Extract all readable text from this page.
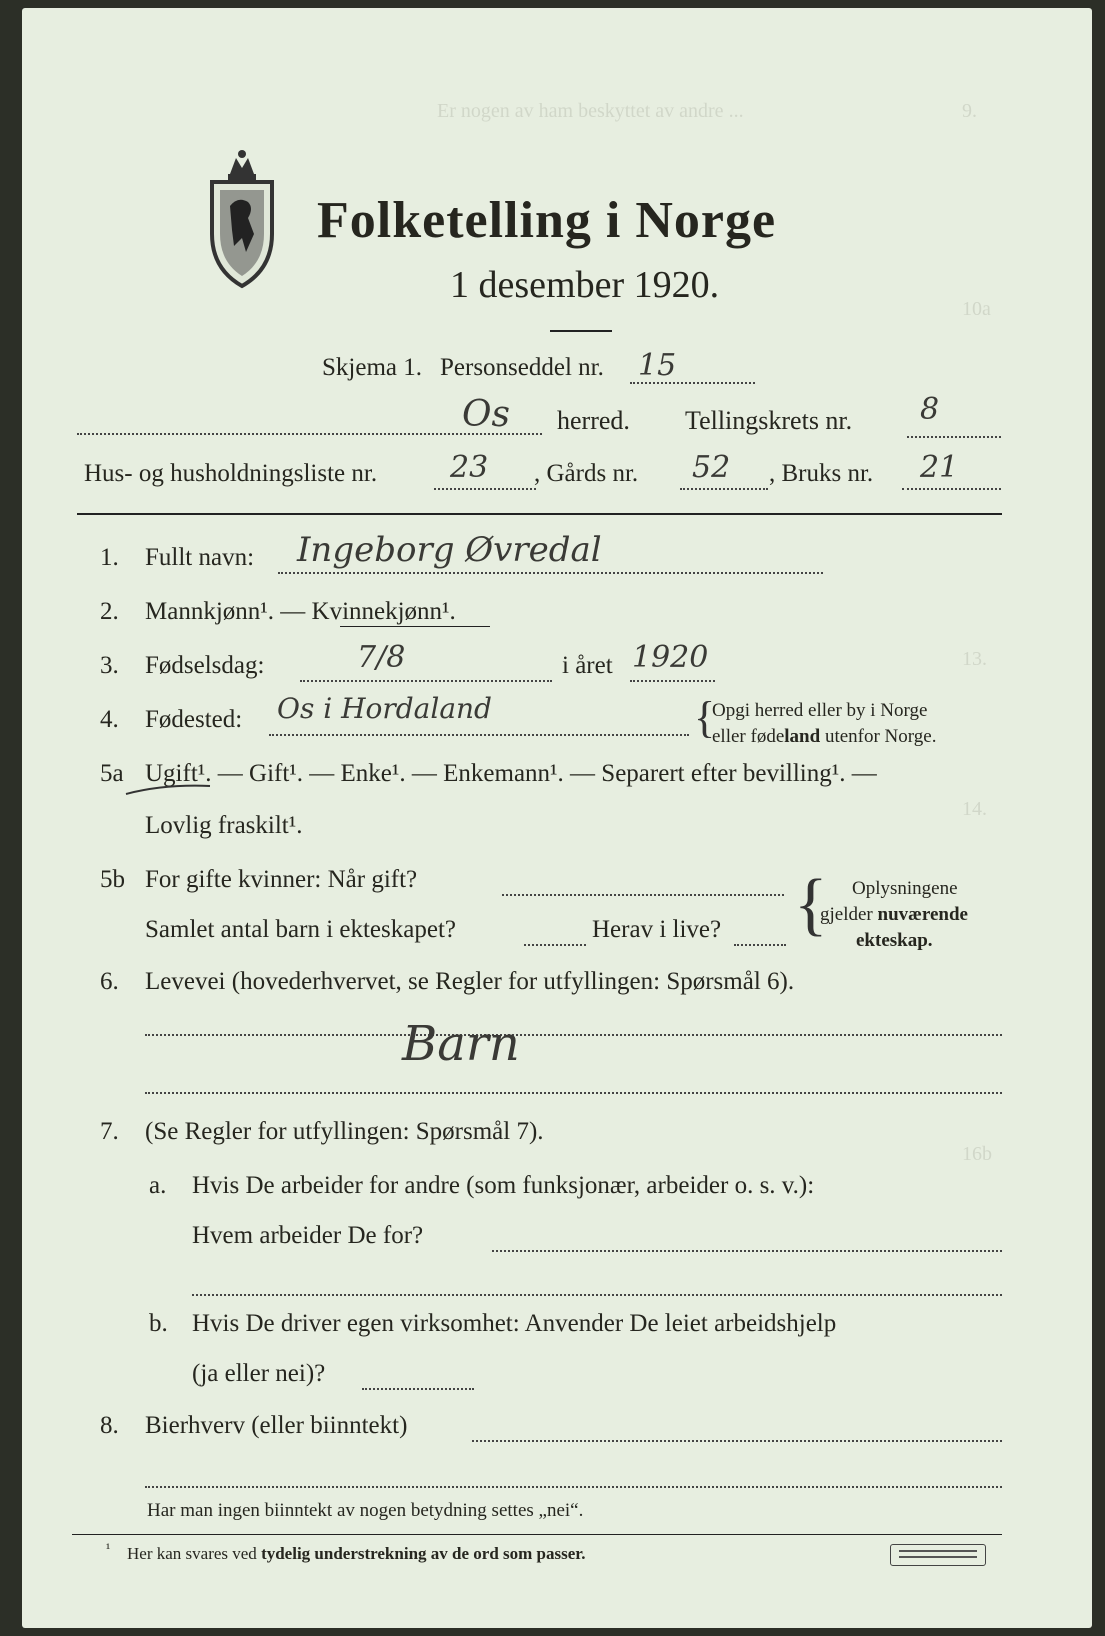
9.
Er nogen av ham beskyttet av andre ...
10a
13.
14.
16b
Folketelling i Norge
1 desember 1920.
Skjema 1. Personseddel nr. 15
Os herred. Tellingskrets nr. 8
Hus- og husholdningsliste nr. 23 , Gårds nr. 52 , Bruks nr. 21
1. Fullt navn: Ingeborg Øvredal
2. Mannkjønn¹. — Kvinnekjønn¹.
3. Fødselsdag:	7/8	i året 1920
4. Fødested: Os i Hordaland	{
Opgi herred eller by i Norge
eller fødeland utenfor Norge.
5a Ugift¹. — Gift¹. — Enke¹. — Enkemann¹. — Separert efter bevilling¹. —
Lovlig fraskilt¹.
5b For gifte kvinner: Når gift?
Samlet antal barn i ekteskapet?	Herav i live? { Oplysningene
gjelder nuværende
ekteskap.
6. Levevei (hovederhvervet, se Regler for utfyllingen: Spørsmål 6).
Barn
7. (Se Regler for utfyllingen: Spørsmål 7).
a. Hvis De arbeider for andre (som funksjonær, arbeider o. s. v.):
Hvem arbeider De for?
b. Hvis De driver egen virksomhet: Anvender De leiet arbeidshjelp
(ja eller nei)?
8. Bierhverv (eller biinntekt)
Har man ingen biinntekt av nogen betydning settes „nei“.
¹ Her kan svares ved tydelig understrekning av de ord som passer.
